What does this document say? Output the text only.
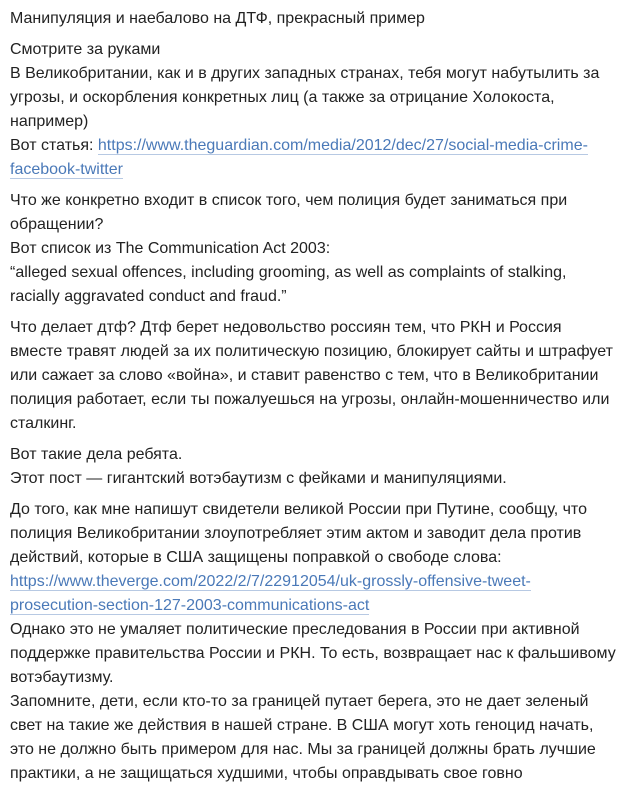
Манипуляция и наебалово на ДТФ, прекрасный пример

Смотрите за руками
В Великобритании, как и в других западных странах, тебя могут набутылить за угрозы, и оскорбления конкретных лиц (а также за отрицание Холокоста, например)
Вот статья: https://www.theguardian.com/media/2012/dec/27/social-media-crime-facebook-twitter

Что же конкретно входит в список того, чем полиция будет заниматься при обращении?
Вот список из The Communication Act 2003:
“alleged sexual offences, including grooming, as well as complaints of stalking, racially aggravated conduct and fraud.”

Что делает дтф? Дтф берет недовольство россиян тем, что РКН и Россия вместе травят людей за их политическую позицию, блокирует сайты и штрафует или сажает за слово «война», и ставит равенство с тем, что в Великобритании полиция работает, если ты пожалуешься на угрозы, онлайн-мошенничество или сталкинг.

Вот такие дела ребята.
Этот пост — гигантский вотэбаутизм с фейками и манипуляциями.

До того, как мне напишут свидетели великой России при Путине, сообщу, что полиция Великобритании злоупотребляет этим актом и заводит дела против действий, которые в США защищены поправкой о свободе слова: https://www.theverge.com/2022/2/7/22912054/uk-grossly-offensive-tweet-prosecution-section-127-2003-communications-act
Однако это не умаляет политические преследования в России при активной поддержке правительства России и РКН. То есть, возвращает нас к фальшивому вотэбаутизму.
Запомните, дети, если кто-то за границей путает берега, это не дает зеленый свет на такие же действия в нашей стране. В США могут хоть геноцид начать, это не должно быть примером для нас. Мы за границей должны брать лучшие практики, а не защищаться худшими, чтобы оправдывать свое говно
